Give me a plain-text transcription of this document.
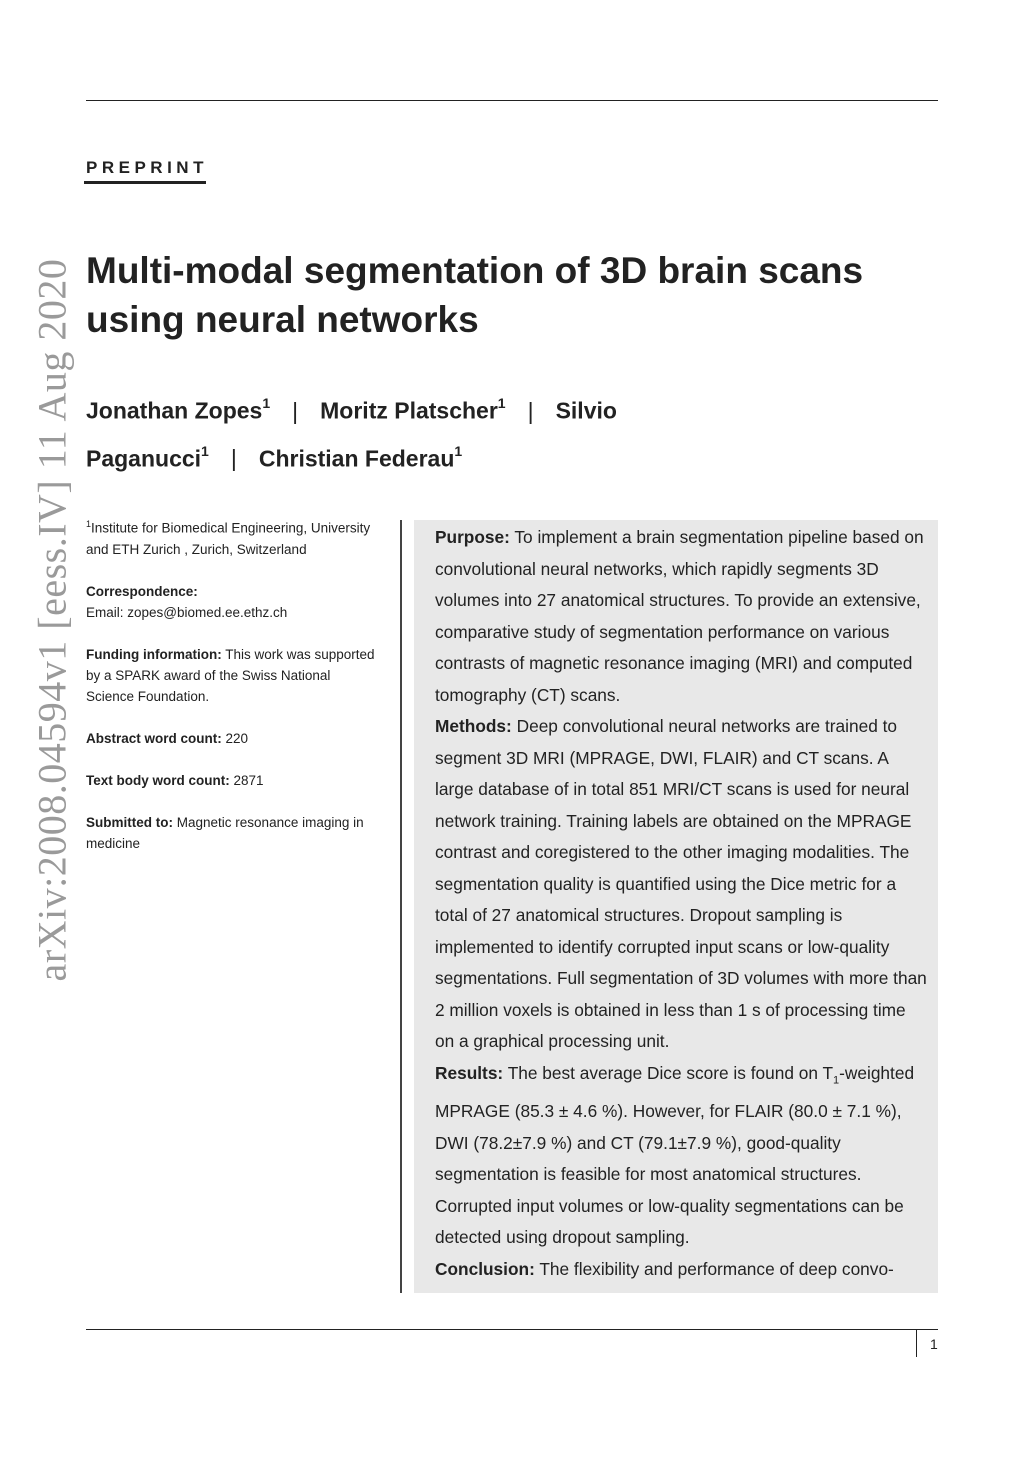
PREPRINT
arXiv:2008.04594v1 [eess.IV] 11 Aug 2020 Multi-modal segmentation of 3D brain scans using neural networks
Jonathan Zopes$^1$ | Moritz Platscher$^1$ | Silvio Paganucci$^1$ | Christian Federau$^1$
$^1$Institute for Biomedical Engineering, University and ETH Zurich , Zurich, Switzerland
Correspondence:
Email: zopes@biomed.ee.ethz.ch
Funding information: This work was supported by a SPARK award of the Swiss National Science Foundation.
Abstract word count: 220
Text body word count: 2871
Submitted to: Magnetic resonance imaging in medicine

Purpose: To implement a brain segmentation pipeline based on convolutional neural networks, which rapidly segments 3D volumes into 27 anatomical structures. To provide an extensive, comparative study of segmentation performance on various contrasts of magnetic resonance imaging (MRI) and computed tomography (CT) scans.

Methods: Deep convolutional neural networks are trained to segment 3D MRI (MPRAGE, DWI, FLAIR) and CT scans. A large database of in total 851 MRI/CT scans is used for neural network training. Training labels are obtained on the MPRAGE contrast and coregistered to the other imaging modalities. The segmentation quality is quantified using the Dice metric for a total of 27 anatomical structures. Dropout sampling is implemented to identify corrupted input scans or low-quality segmentations. Full segmentation of 3D volumes with more than 2 million voxels is obtained in less than 1 s of processing time on a graphical processing unit.

Results: The best average Dice score is found on $T_1$-weighted MPRAGE (85.3 ± 4.6 %). However, for FLAIR (80.0 ± 7.1 %), DWI (78.2±7.9 %) and CT (79.1±7.9 %), good-quality segmentation is feasible for most anatomical structures. Corrupted input volumes or low-quality segmentations can be detected using dropout sampling.

Conclusion: The flexibility and performance of deep convo-

1
